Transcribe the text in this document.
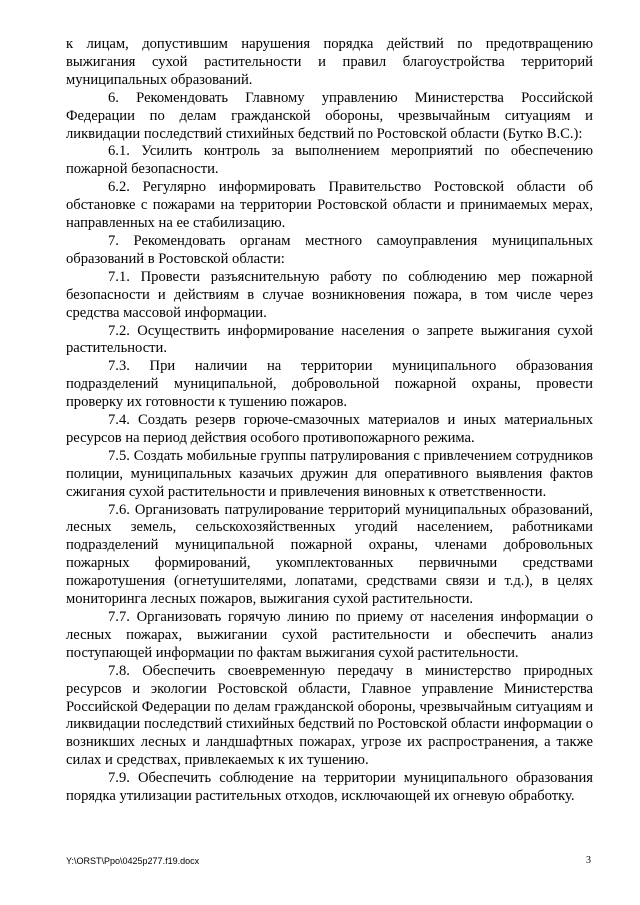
к лицам, допустившим нарушения порядка действий по предотвращению выжигания сухой растительности и правил благоустройства территорий муниципальных образований.

6. Рекомендовать Главному управлению Министерства Российской Федерации по делам гражданской обороны, чрезвычайным ситуациям и ликвидации последствий стихийных бедствий по Ростовской области (Бутко В.С.):

6.1. Усилить контроль за выполнением мероприятий по обеспечению пожарной безопасности.

6.2. Регулярно информировать Правительство Ростовской области об обстановке с пожарами на территории Ростовской области и принимаемых мерах, направленных на ее стабилизацию.

7. Рекомендовать органам местного самоуправления муниципальных образований в Ростовской области:

7.1. Провести разъяснительную работу по соблюдению мер пожарной безопасности и действиям в случае возникновения пожара, в том числе через средства массовой информации.

7.2. Осуществить информирование населения о запрете выжигания сухой растительности.

7.3. При наличии на территории муниципального образования подразделений муниципальной, добровольной пожарной охраны, провести проверку их готовности к тушению пожаров.

7.4. Создать резерв горюче-смазочных материалов и иных материальных ресурсов на период действия особого противопожарного режима.

7.5. Создать мобильные группы патрулирования с привлечением сотрудников полиции, муниципальных казачьих дружин для оперативного выявления фактов сжигания сухой растительности и привлечения виновных к ответственности.

7.6. Организовать патрулирование территорий муниципальных образований, лесных земель, сельскохозяйственных угодий населением, работниками подразделений муниципальной пожарной охраны, членами добровольных пожарных формирований, укомплектованных первичными средствами пожаротушения (огнетушителями, лопатами, средствами связи и т.д.), в целях мониторинга лесных пожаров, выжигания сухой растительности.

7.7. Организовать горячую линию по приему от населения информации о лесных пожарах, выжигании сухой растительности и обеспечить анализ поступающей информации по фактам выжигания сухой растительности.

7.8. Обеспечить своевременную передачу в министерство природных ресурсов и экологии Ростовской области, Главное управление Министерства Российской Федерации по делам гражданской обороны, чрезвычайным ситуациям и ликвидации последствий стихийных бедствий по Ростовской области информации о возникших лесных и ландшафтных пожарах, угрозе их распространения, а также силах и средствах, привлекаемых к их тушению.

7.9. Обеспечить соблюдение на территории муниципального образования порядка утилизации растительных отходов, исключающей их огневую обработку.

Y:\ORST\Ppo\0425p277.f19.docx	3
